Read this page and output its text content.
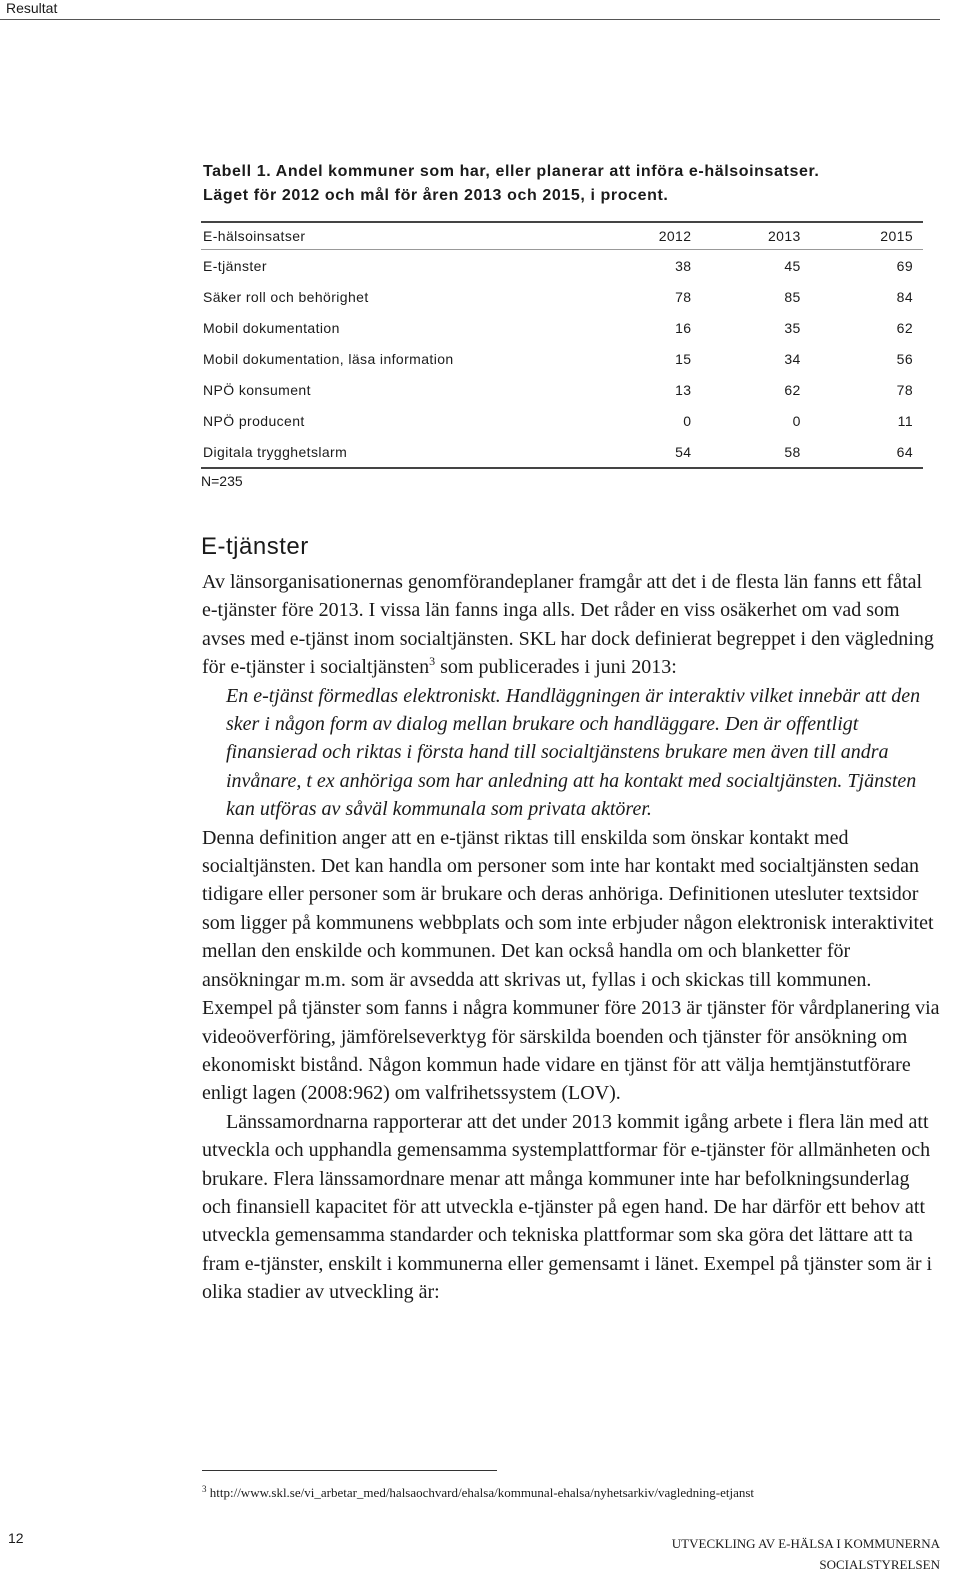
Resultat
Tabell 1. Andel kommuner som har, eller planerar att införa e-hälsoinsatser.
Läget för 2012 och mål för åren 2013 och 2015, i procent.
E-hälsoinsatser	2012	2013	2015
E-tjänster	38	45	69
Säker roll och behörighet	78	85	84
Mobil dokumentation	16	35	62
Mobil dokumentation, läsa information	15	34	56
NPÖ konsument	13	62	78
NPÖ producent	0	0	11
Digitala trygghetslarm	54	58	64
N=235
E-tjänster

Av länsorganisationernas genomförandeplaner framgår att det i de flesta län fanns ett fåtal e-tjänster före 2013. I vissa län fanns inga alls. Det råder en viss osäkerhet om vad som avses med e-tjänst inom socialtjänsten. SKL har dock definierat begreppet i den vägledning för e-tjänster i socialtjänsten$^3$ som publicerades i juni 2013:

En e-tjänst förmedlas elektroniskt. Handläggningen är interaktiv vilket innebär att den sker i någon form av dialog mellan brukare och handläggare. Den är offentligt finansierad och riktas i första hand till socialtjänstens brukare men även till andra invånare, t ex anhöriga som har anledning att ha kontakt med socialtjänsten. Tjänsten kan utföras av såväl kommunala som privata aktörer.

Denna definition anger att en e-tjänst riktas till enskilda som önskar kontakt med socialtjänsten. Det kan handla om personer som inte har kontakt med socialtjänsten sedan tidigare eller personer som är brukare och deras anhöriga. Definitionen utesluter textsidor som ligger på kommunens webbplats och som inte erbjuder någon elektronisk interaktivitet mellan den enskilde och kommunen. Det kan också handla om och blanketter för ansökningar m.m. som är avsedda att skrivas ut, fyllas i och skickas till kommunen.

Exempel på tjänster som fanns i några kommuner före 2013 är tjänster för vårdplanering via videoöverföring, jämförelseverktyg för särskilda boenden och tjänster för ansökning om ekonomiskt bistånd. Någon kommun hade vidare en tjänst för att välja hemtjänstutförare enligt lagen (2008:962) om valfrihetssystem (LOV).

Länssamordnarna rapporterar att det under 2013 kommit igång arbete i flera län med att utveckla och upphandla gemensamma systemplattformar för e-tjänster för allmänheten och brukare. Flera länssamordnare menar att många kommuner inte har befolkningsunderlag och finansiell kapacitet för att utveckla e-tjänster på egen hand. De har därför ett behov att utveckla gemensamma standarder och tekniska plattformar som ska göra det lättare att ta fram e-tjänster, enskilt i kommunerna eller gemensamt i länet. Exempel på tjänster som är i olika stadier av utveckling är:

$^3$ http://www.skl.se/vi_arbetar_med/halsaochvard/ehalsa/kommunal-ehalsa/nyhetsarkiv/vagledning-etjanst
12	UTVECKLING AV E-HÄLSA I KOMMUNERNA
SOCIALSTYRELSEN
